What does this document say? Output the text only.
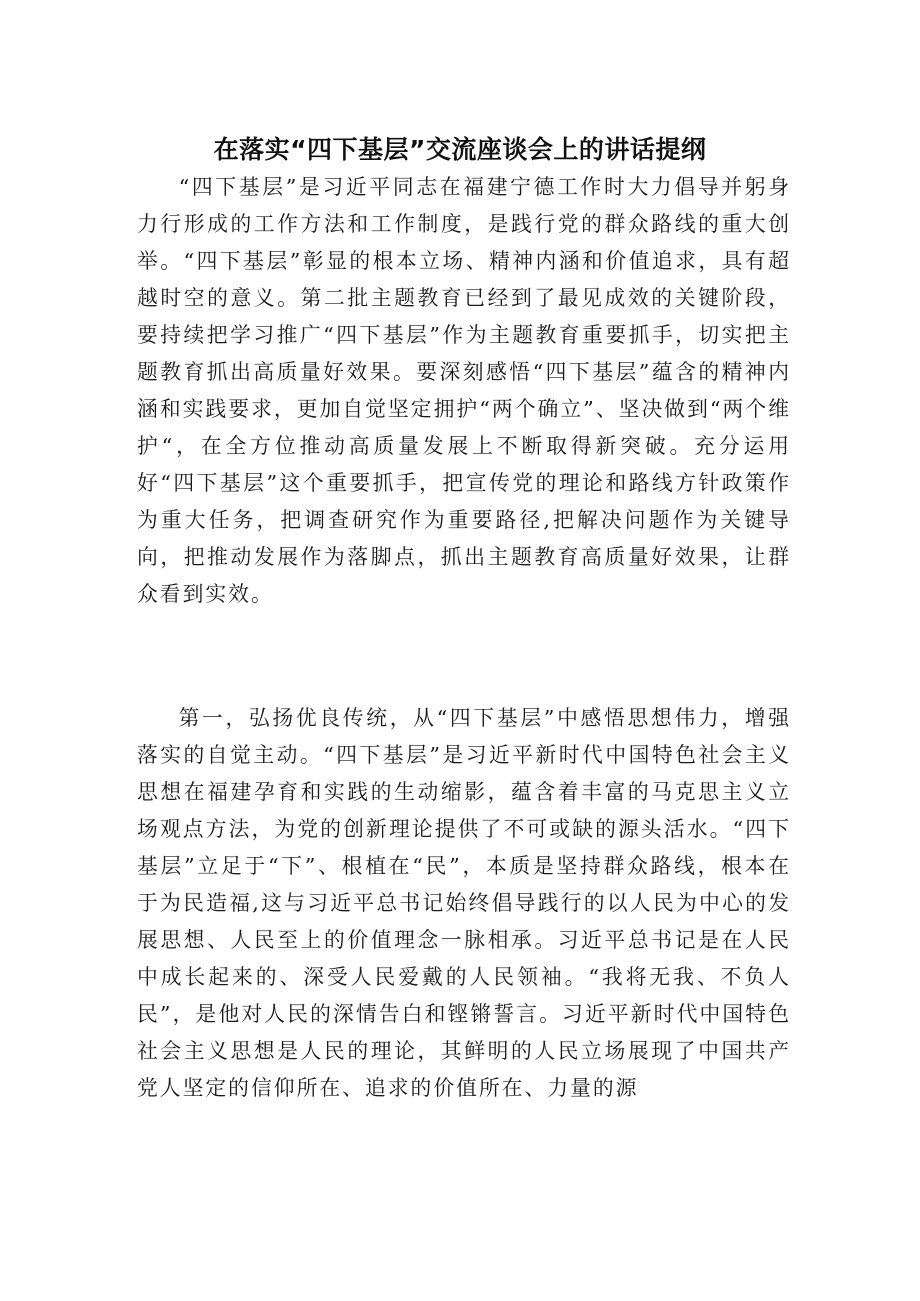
在落实“四下基层”交流座谈会上的讲话提纲

“四下基层”是习近平同志在福建宁德工作时大力倡导并躬身力行形成的工作方法和工作制度，是践行党的群众路线的重大创举。“四下基层”彰显的根本立场、精神内涵和价值追求，具有超越时空的意义。第二批主题教育已经到了最见成效的关键阶段，要持续把学习推广“四下基层”作为主题教育重要抓手，切实把主题教育抓出高质量好效果。要深刻感悟“四下基层”蕴含的精神内涵和实践要求，更加自觉坚定拥护“两个确立”、坚决做到“两个维护“，在全方位推动高质量发展上不断取得新突破。充分运用好“四下基层”这个重要抓手，把宣传党的理论和路线方针政策作为重大任务，把调查研究作为重要路径,把解决问题作为关键导向，把推动发展作为落脚点，抓出主题教育高质量好效果，让群众看到实效。

第一，弘扬优良传统，从“四下基层”中感悟思想伟力，增强落实的自觉主动。“四下基层”是习近平新时代中国特色社会主义思想在福建孕育和实践的生动缩影，蕴含着丰富的马克思主义立场观点方法，为党的创新理论提供了不可或缺的源头活水。“四下基层”立足于“下”、根植在“民”，本质是坚持群众路线，根本在于为民造福,这与习近平总书记始终倡导践行的以人民为中心的发展思想、人民至上的价值理念一脉相承。习近平总书记是在人民中成长起来的、深受人民爱戴的人民领袖。“我将无我、不负人民”，是他对人民的深情告白和铿锵誓言。习近平新时代中国特色社会主义思想是人民的理论，其鲜明的人民立场展现了中国共产党人坚定的信仰所在、追求的价值所在、力量的源
